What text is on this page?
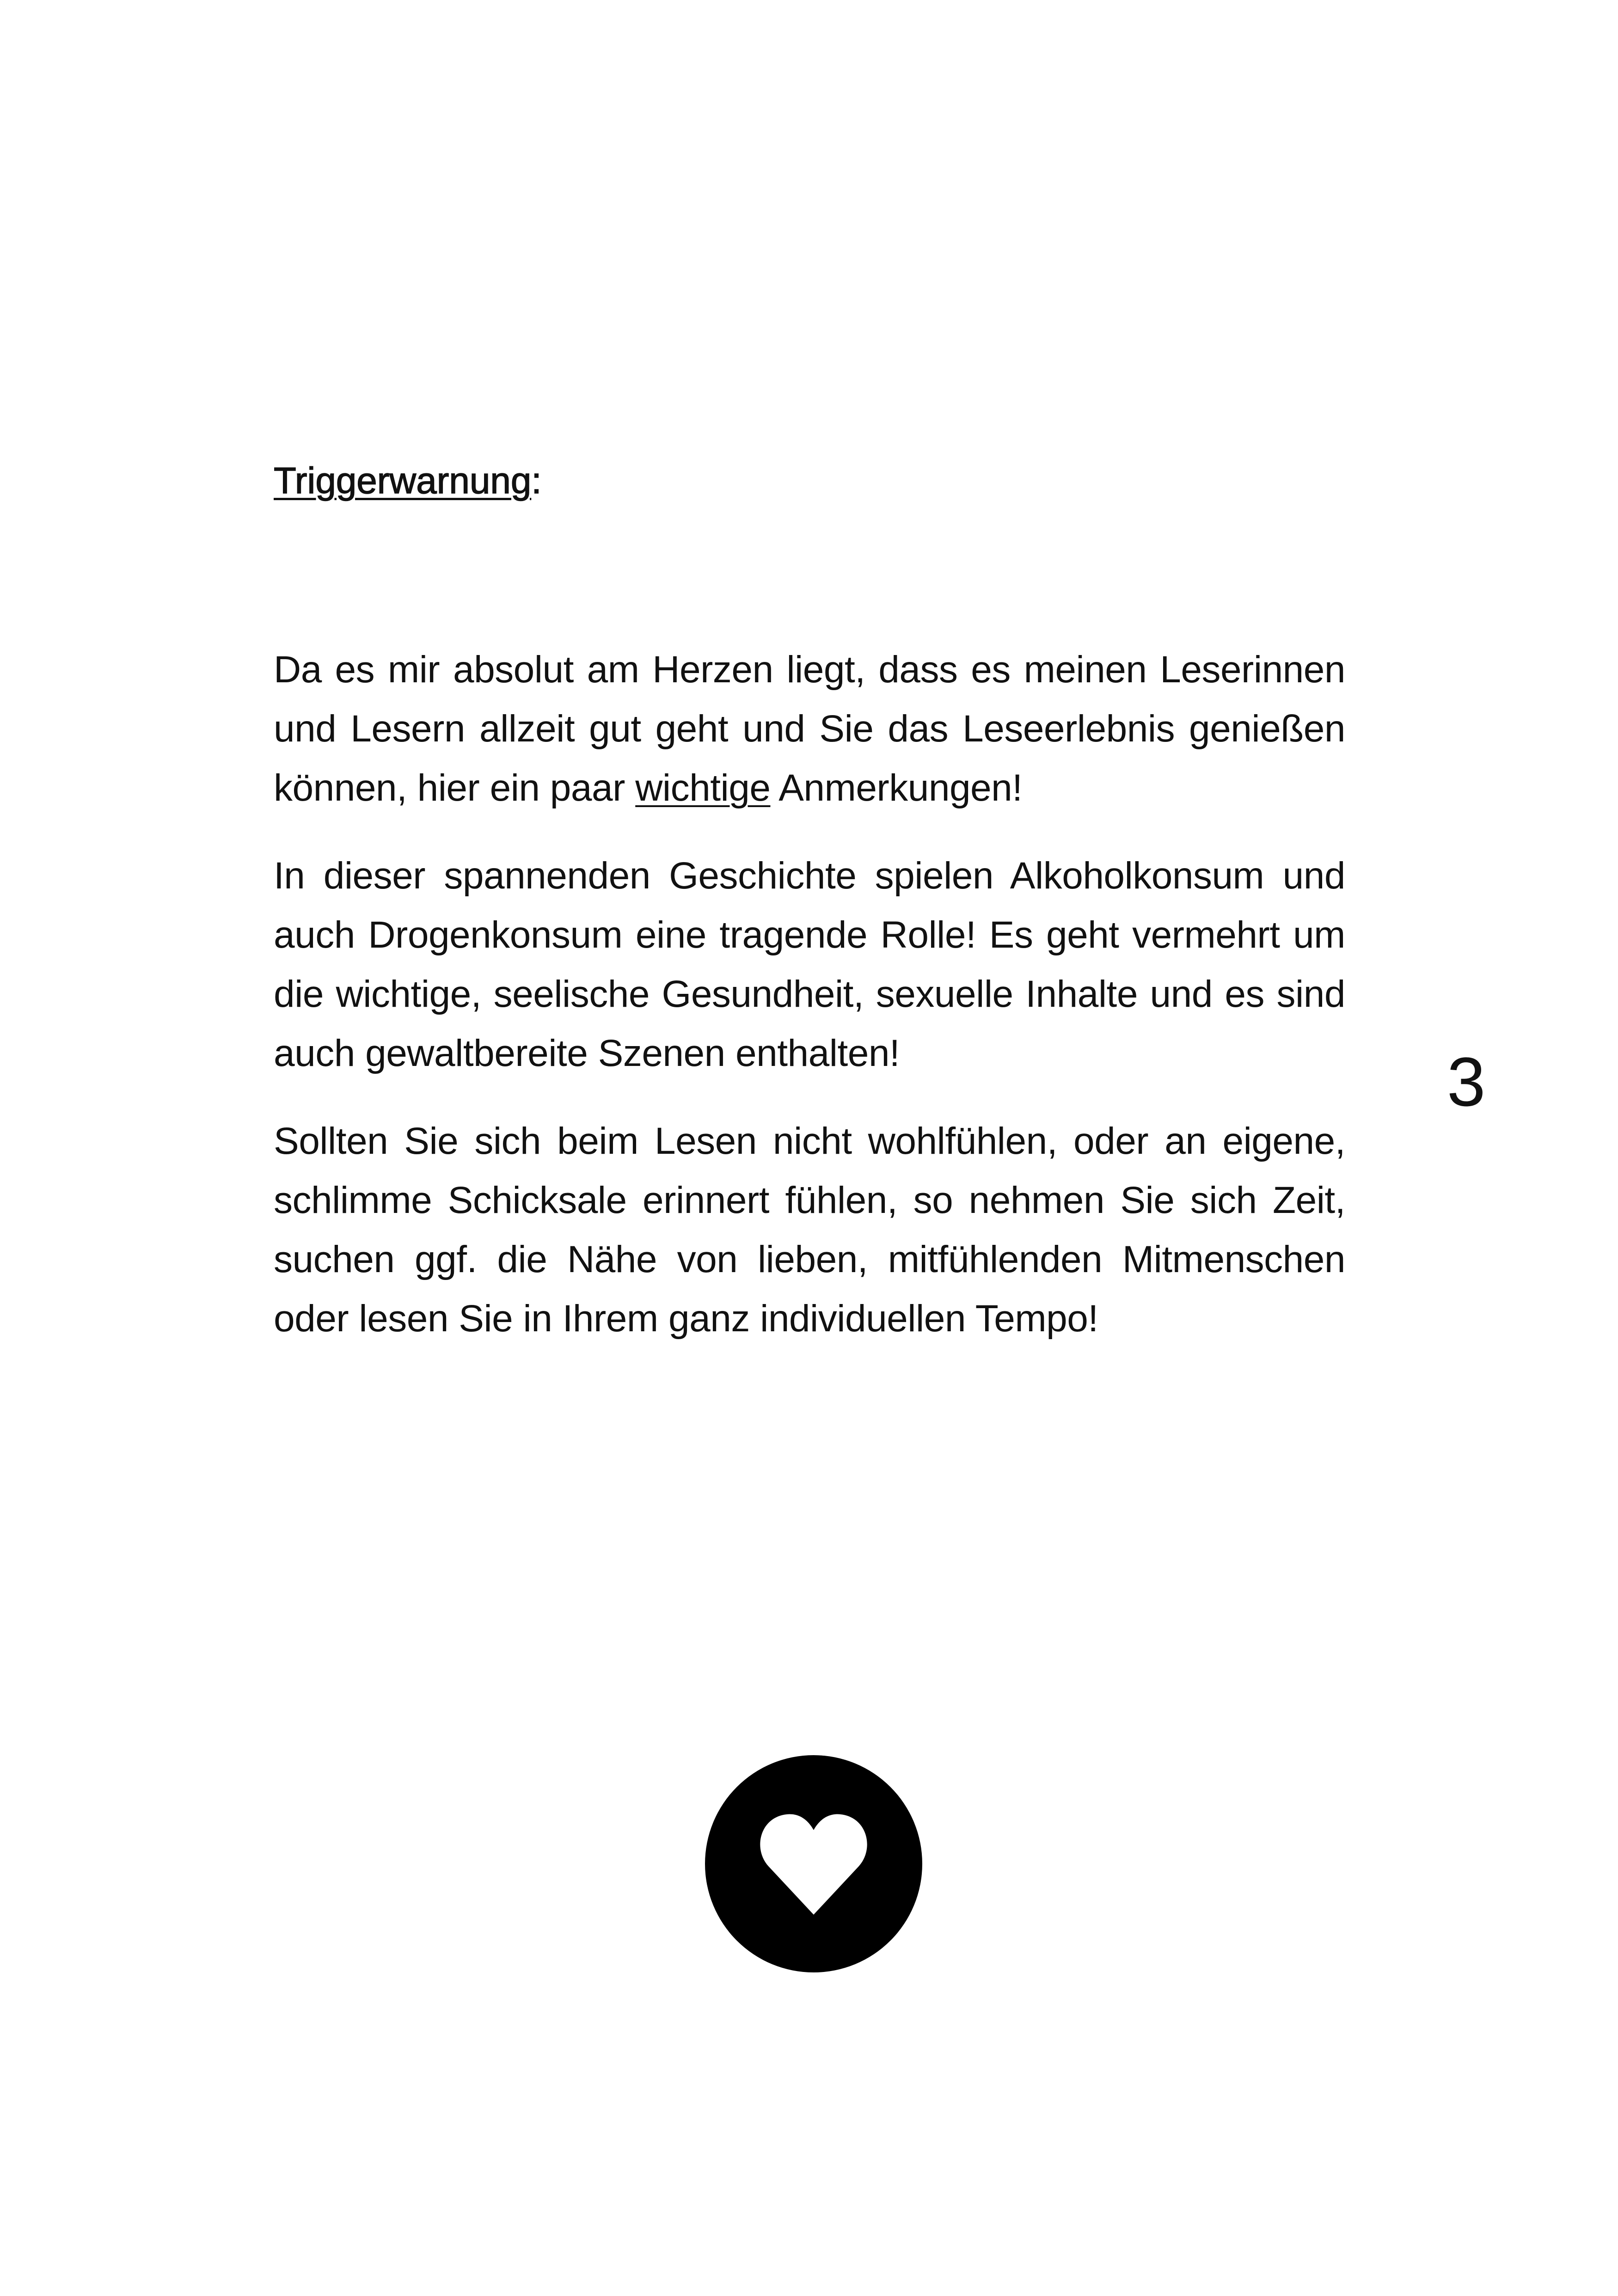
Triggerwarnung:

Da es mir absolut am Herzen liegt, dass es meinen Leserinnen und Lesern allzeit gut geht und Sie das Leseerlebnis genießen können, hier ein paar wichtige Anmerkungen!

In dieser spannenden Geschichte spielen Alkoholkonsum und auch Drogenkonsum eine tragende Rolle! Es geht vermehrt um die wichtige, seelische Gesundheit, sexuelle Inhalte und es sind auch gewaltbereite Szenen enthalten!

Sollten Sie sich beim Lesen nicht wohlfühlen, oder an eigene, schlimme Schicksale erinnert fühlen, so nehmen Sie sich Zeit, suchen ggf. die Nähe von lieben, mitfühlenden Mitmenschen oder lesen Sie in Ihrem ganz individuellen Tempo!

3
